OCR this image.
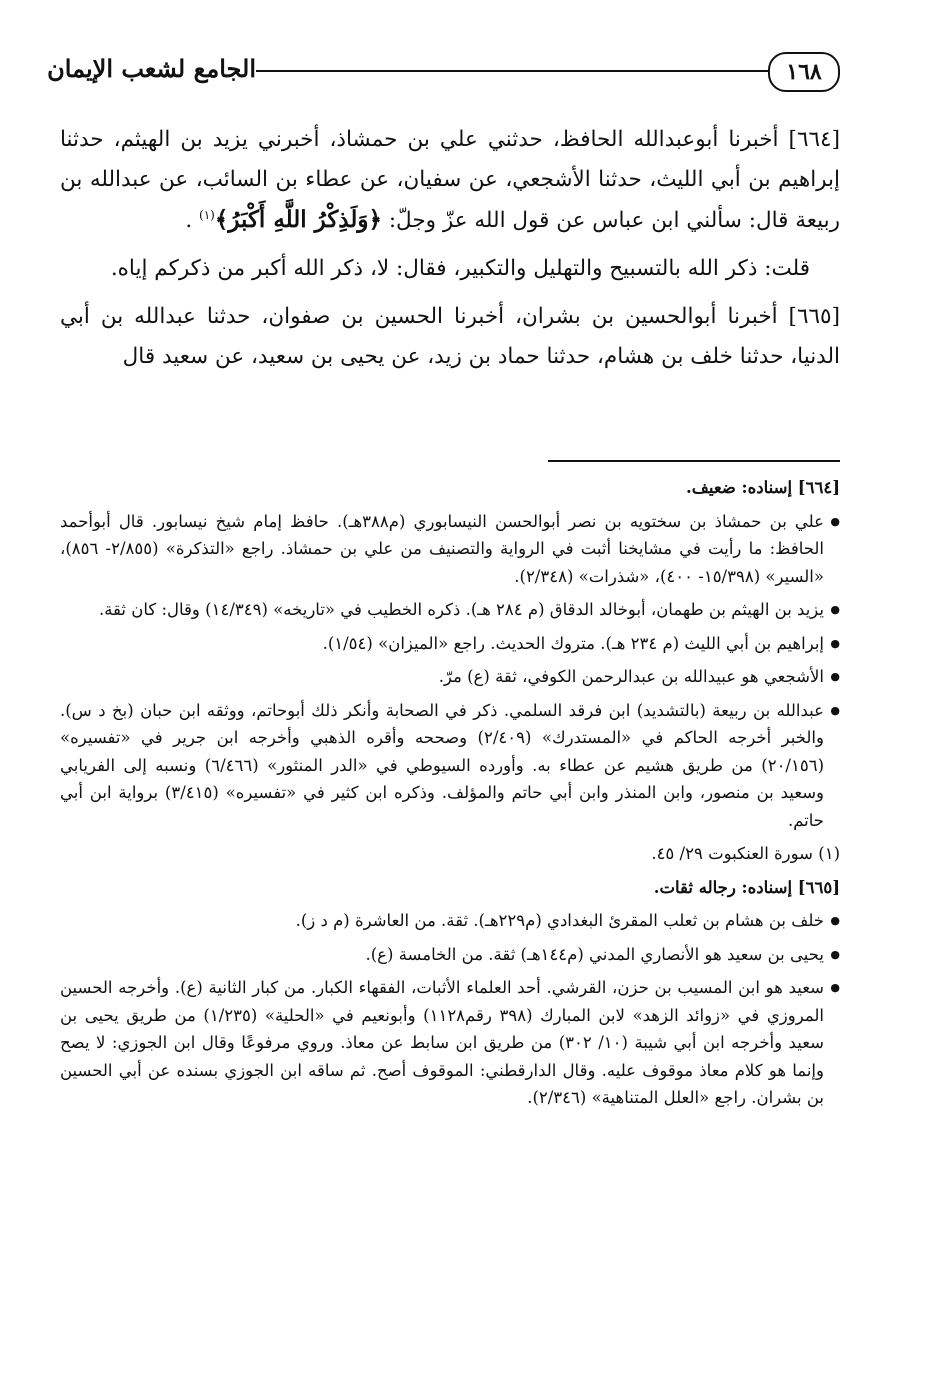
الجامع لشعب الإيمان	١٦٨

[٦٦٤] أخبرنا أبوعبدالله الحافظ، حدثني علي بن حمشاذ، أخبرني يزيد بن الهيثم، حدثنا إبراهيم بن أبي الليث، حدثنا الأشجعي، عن سفيان، عن عطاء بن السائب، عن عبدالله بن ربيعة قال: سألني ابن عباس عن قول الله عزّ وجلّ: ﴿وَلَذِكْرُ اللَّهِ أَكْبَرُ﴾$^{(١)}$ .

قلت: ذكر الله بالتسبيح والتهليل والتكبير، فقال: لا، ذكر الله أكبر من ذكركم إياه.

[٦٦٥] أخبرنا أبوالحسين بن بشران، أخبرنا الحسين بن صفوان، حدثنا عبدالله بن أبي الدنيا، حدثنا خلف بن هشام، حدثنا حماد بن زيد، عن يحيى بن سعيد، عن سعيد قال

[٦٦٤] إسناده: ضعيف.
● علي بن حمشاذ بن سختويه بن نصر أبوالحسن النيسابوري (م٣٨٨هـ). حافظ إمام شيخ نيسابور. قال أبوأحمد الحافظ: ما رأيت في مشايخنا أثبت في الرواية والتصنيف من علي بن حمشاذ. راجع «التذكرة» (٢/٨٥٥- ٨٥٦)، «السير» (١٥/٣٩٨- ٤٠٠)، «شذرات» (٢/٣٤٨).
● يزيد بن الهيثم بن طهمان، أبوخالد الدقاق (م ٢٨٤ هـ). ذكره الخطيب في «تاريخه» (١٤/٣٤٩) وقال: كان ثقة.
● إبراهيم بن أبي الليث (م ٢٣٤ هـ). متروك الحديث. راجع «الميزان» (١/٥٤).
● الأشجعي هو عبيدالله بن عبدالرحمن الكوفي، ثقة (ع) مرّ.
● عبدالله بن ربيعة (بالتشديد) ابن فرقد السلمي. ذكر في الصحابة وأنكر ذلك أبوحاتم، ووثقه ابن حبان (بخ د س). والخبر أخرجه الحاكم في «المستدرك» (٢/٤٠٩) وصححه وأقره الذهبي وأخرجه ابن جرير في «تفسيره» (٢٠/١٥٦) من طريق هشيم عن عطاء به. وأورده السيوطي في «الدر المنثور» (٦/٤٦٦) ونسبه إلى الفريابي وسعيد بن منصور، وابن المنذر وابن أبي حاتم والمؤلف. وذكره ابن كثير في «تفسيره» (٣/٤١٥) برواية ابن أبي حاتم.
(١) سورة العنكبوت ٢٩/ ٤٥.
[٦٦٥] إسناده: رجاله ثقات.
● خلف بن هشام بن ثعلب المقرئ البغدادي (م٢٢٩هـ). ثقة. من العاشرة (م د ز).
● يحيى بن سعيد هو الأنصاري المدني (م١٤٤هـ) ثقة. من الخامسة (ع).
● سعيد هو ابن المسيب بن حزن، القرشي. أحد العلماء الأثبات، الفقهاء الكبار. من كبار الثانية (ع). وأخرجه الحسين المروزي في «زوائد الزهد» لابن المبارك (٣٩٨ رقم١١٢٨) وأبونعيم في «الحلية» (١/٢٣٥) من طريق يحيى بن سعيد وأخرجه ابن أبي شيبة (١٠/ ٣٠٢) من طريق ابن سابط عن معاذ. وروي مرفوعًا وقال ابن الجوزي: لا يصح وإنما هو كلام معاذ موقوف عليه. وقال الدارقطني: الموقوف أصح. ثم ساقه ابن الجوزي بسنده عن أبي الحسين بن بشران. راجع «العلل المتناهية» (٢/٣٤٦).
